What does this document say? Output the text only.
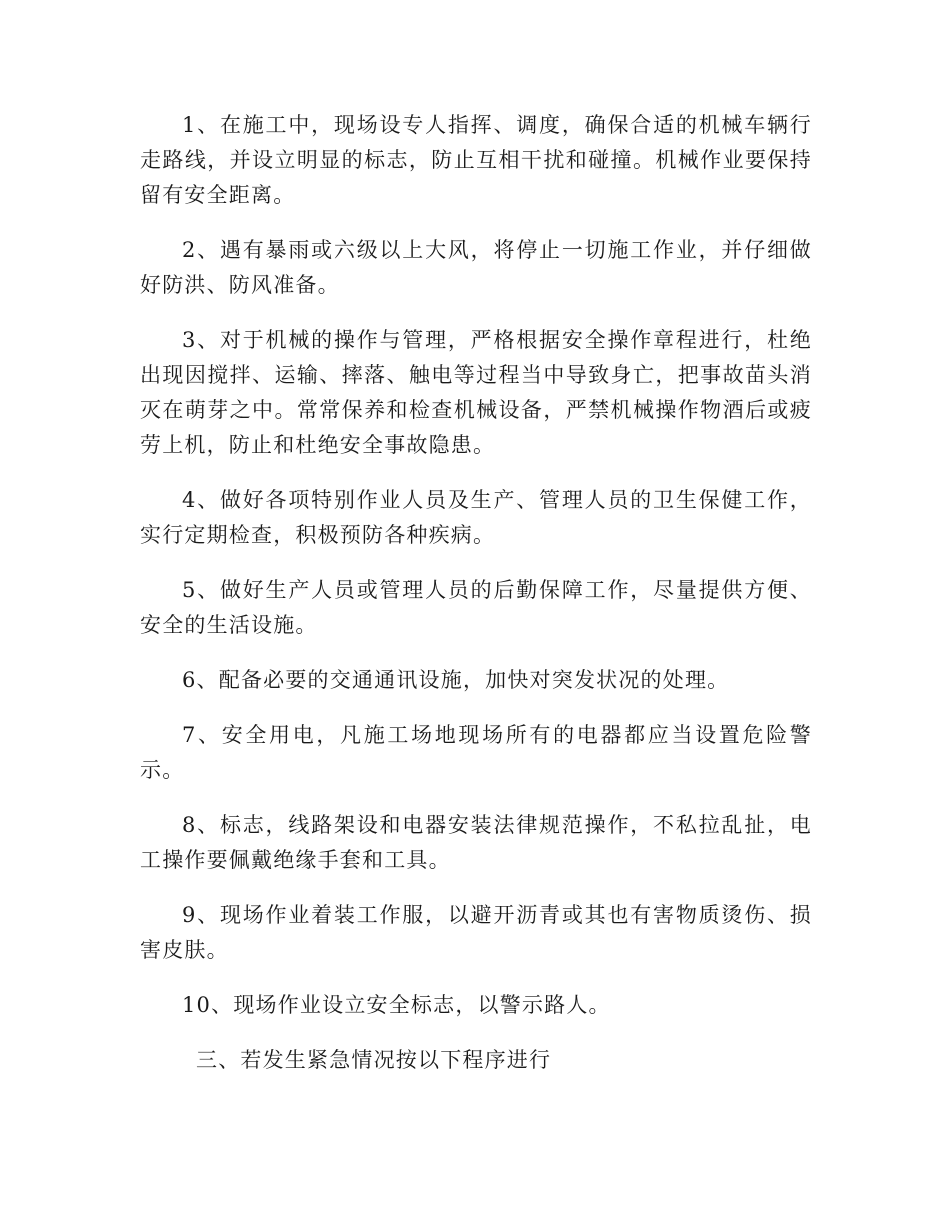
1、在施工中，现场设专人指挥、调度，确保合适的机械车辆行走路线，并设立明显的标志，防止互相干扰和碰撞。机械作业要保持留有安全距离。

2、遇有暴雨或六级以上大风，将停止一切施工作业，并仔细做好防洪、防风准备。

3、对于机械的操作与管理，严格根据安全操作章程进行，杜绝出现因搅拌、运输、摔落、触电等过程当中导致身亡，把事故苗头消灭在萌芽之中。常常保养和检查机械设备，严禁机械操作物酒后或疲劳上机，防止和杜绝安全事故隐患。

4、做好各项特别作业人员及生产、管理人员的卫生保健工作，实行定期检查，积极预防各种疾病。

5、做好生产人员或管理人员的后勤保障工作，尽量提供方便、安全的生活设施。

6、配备必要的交通通讯设施，加快对突发状况的处理。

7、安全用电，凡施工场地现场所有的电器都应当设置危险警示。

8、标志，线路架设和电器安装法律规范操作，不私拉乱扯，电工操作要佩戴绝缘手套和工具。

9、现场作业着装工作服，以避开沥青或其也有害物质烫伤、损害皮肤。

10、现场作业设立安全标志，以警示路人。

三、若发生紧急情况按以下程序进行
